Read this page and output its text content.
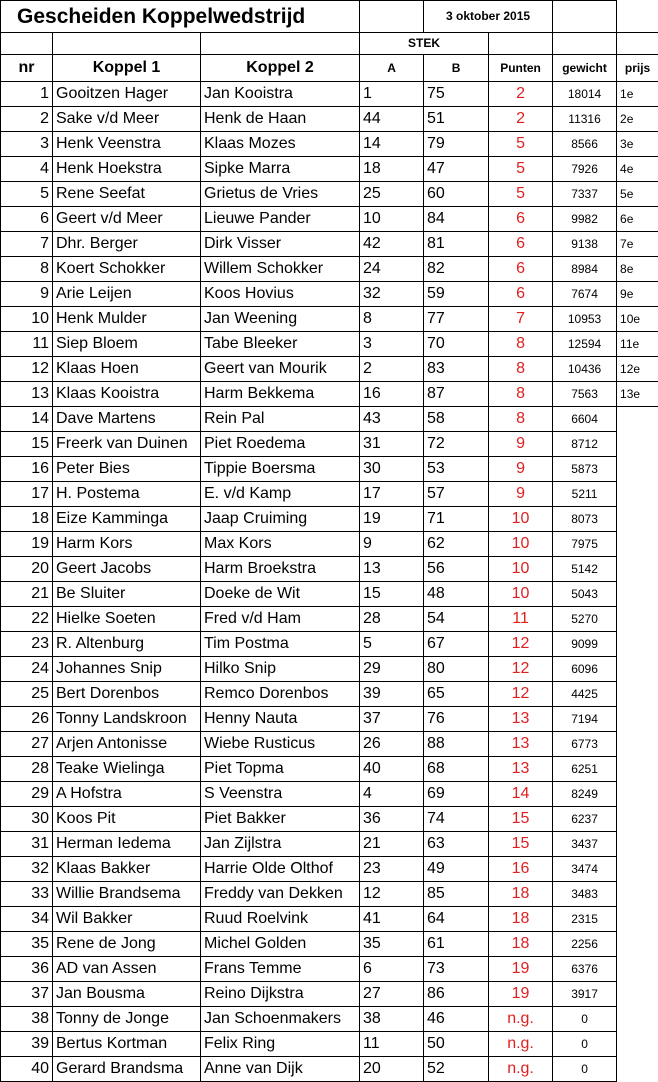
Gescheiden Koppelwedstrijd				3 oktober 2015			
			STEK				
nr	Koppel 1	Koppel 2	A	B	Punten	gewicht	prijs
1	Gooitzen Hager	Jan Kooistra	1	75	2	18014	1e
2	Sake v/d Meer	Henk de Haan	44	51	2	11316	2e
3	Henk Veenstra	Klaas Mozes	14	79	5	8566	3e
4	Henk Hoekstra	Sipke Marra	18	47	5	7926	4e
5	Rene Seefat	Grietus de Vries	25	60	5	7337	5e
6	Geert v/d Meer	Lieuwe Pander	10	84	6	9982	6e
7	Dhr. Berger	Dirk Visser	42	81	6	9138	7e
8	Koert Schokker	Willem Schokker	24	82	6	8984	8e
9	Arie Leijen	Koos Hovius	32	59	6	7674	9e
10	Henk Mulder	Jan Weening	8	77	7	10953	10e
11	Siep Bloem	Tabe Bleeker	3	70	8	12594	11e
12	Klaas Hoen	Geert van Mourik	2	83	8	10436	12e
13	Klaas Kooistra	Harm Bekkema	16	87	8	7563	13e
14	Dave Martens	Rein Pal	43	58	8	6604	
15	Freerk van Duinen	Piet Roedema	31	72	9	8712	
16	Peter Bies	Tippie Boersma	30	53	9	5873	
17	H. Postema	E. v/d Kamp	17	57	9	5211	
18	Eize Kamminga	Jaap Cruiming	19	71	10	8073	
19	Harm Kors	Max Kors	9	62	10	7975	
20	Geert Jacobs	Harm Broekstra	13	56	10	5142	
21	Be Sluiter	Doeke de Wit	15	48	10	5043	
22	Hielke Soeten	Fred v/d Ham	28	54	11	5270	
23	R. Altenburg	Tim Postma	5	67	12	9099	
24	Johannes Snip	Hilko Snip	29	80	12	6096	
25	Bert Dorenbos	Remco Dorenbos	39	65	12	4425	
26	Tonny Landskroon	Henny Nauta	37	76	13	7194	
27	Arjen Antonisse	Wiebe Rusticus	26	88	13	6773	
28	Teake Wielinga	Piet Topma	40	68	13	6251	
29	A Hofstra	S Veenstra	4	69	14	8249	
30	Koos Pit	Piet Bakker	36	74	15	6237	
31	Herman Iedema	Jan Zijlstra	21	63	15	3437	
32	Klaas Bakker	Harrie Olde Olthof	23	49	16	3474	
33	Willie Brandsema	Freddy van Dekken	12	85	18	3483	
34	Wil Bakker	Ruud Roelvink	41	64	18	2315	
35	Rene de Jong	Michel Golden	35	61	18	2256	
36	AD van Assen	Frans Temme	6	73	19	6376	
37	Jan Bousma	Reino Dijkstra	27	86	19	3917	
38	Tonny de Jonge	Jan Schoenmakers	38	46	n.g.	0	
39	Bertus Kortman	Felix Ring	11	50	n.g.	0	
40	Gerard Brandsma	Anne van Dijk	20	52	n.g.	0	
